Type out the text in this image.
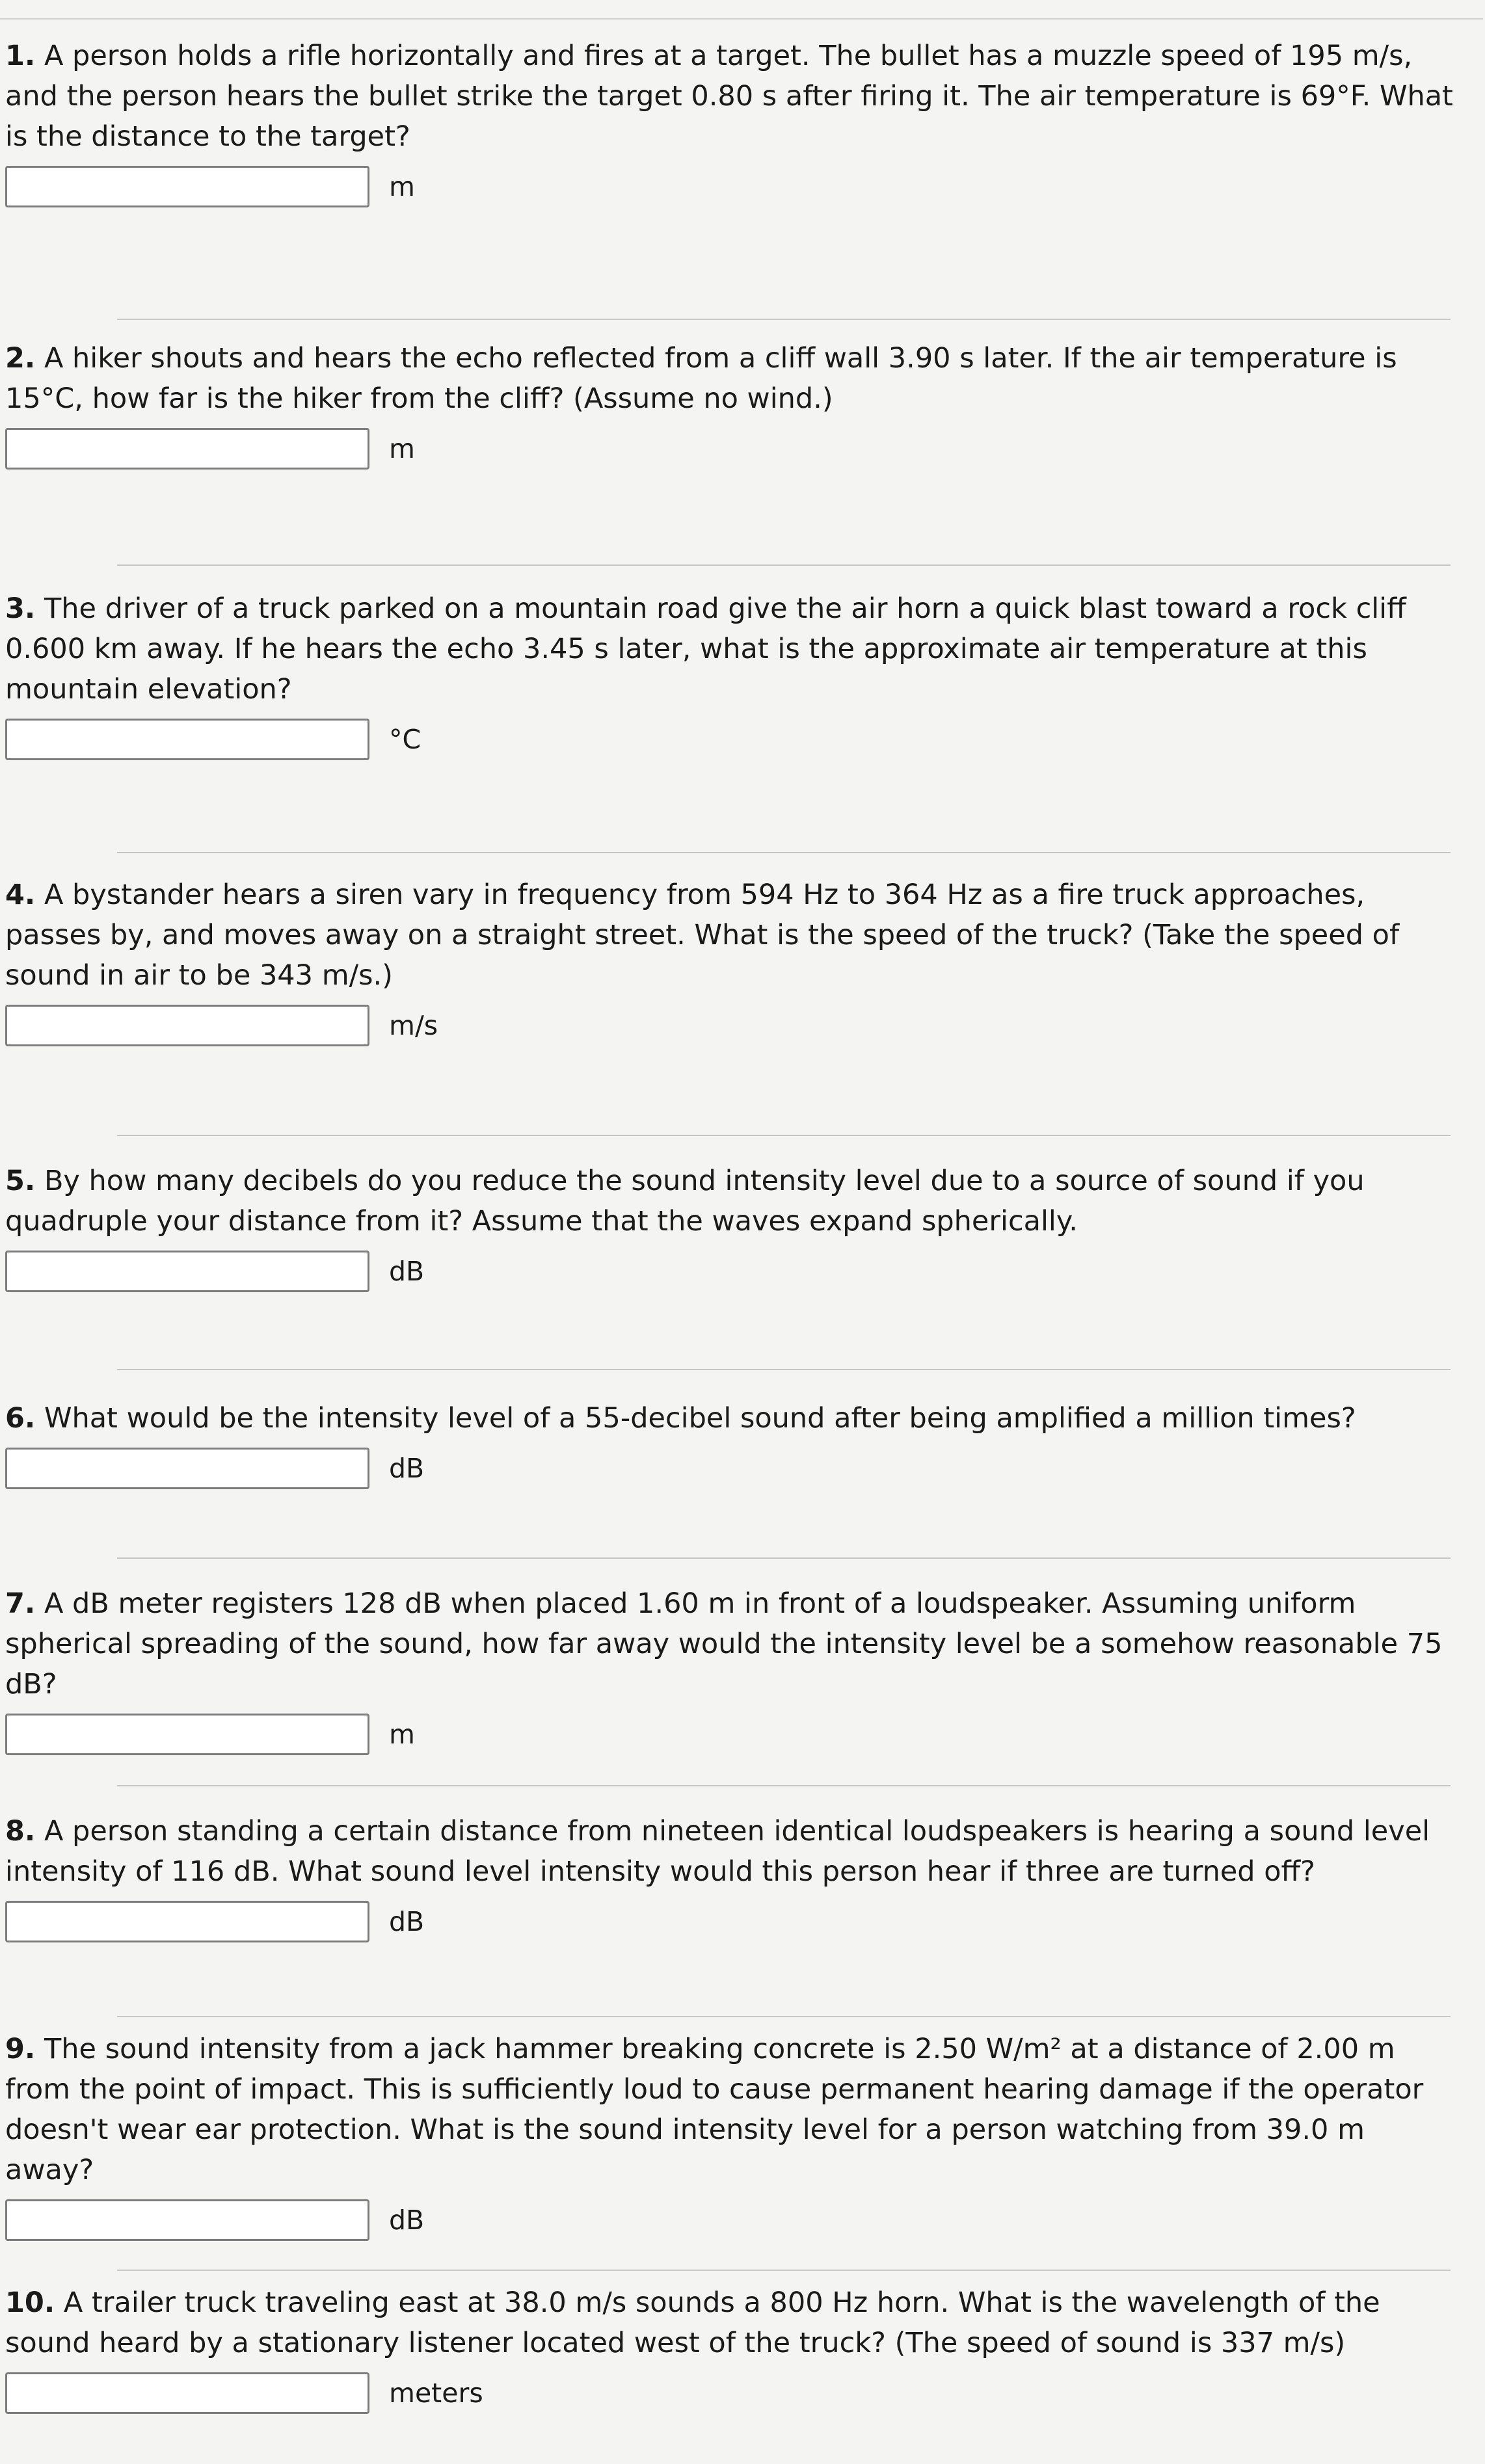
1. A person holds a rifle horizontally and fires at a target. The bullet has a muzzle speed of 195 m/s, and the person hears the bullet strike the target 0.80 s after firing it. The air temperature is 69°F. What is the distance to the target?

m

2. A hiker shouts and hears the echo reflected from a cliff wall 3.90 s later. If the air temperature is 15°C, how far is the hiker from the cliff? (Assume no wind.)

m

3. The driver of a truck parked on a mountain road give the air horn a quick blast toward a rock cliff 0.600 km away. If he hears the echo 3.45 s later, what is the approximate air temperature at this mountain elevation?

°C

4. A bystander hears a siren vary in frequency from 594 Hz to 364 Hz as a fire truck approaches, passes by, and moves away on a straight street. What is the speed of the truck? (Take the speed of sound in air to be 343 m/s.)

m/s

5. By how many decibels do you reduce the sound intensity level due to a source of sound if you quadruple your distance from it? Assume that the waves expand spherically.

dB

6. What would be the intensity level of a 55-decibel sound after being amplified a million times?

dB

7. A dB meter registers 128 dB when placed 1.60 m in front of a loudspeaker. Assuming uniform spherical spreading of the sound, how far away would the intensity level be a somehow reasonable 75 dB?

m

8. A person standing a certain distance from nineteen identical loudspeakers is hearing a sound level intensity of 116 dB. What sound level intensity would this person hear if three are turned off?

dB

9. The sound intensity from a jack hammer breaking concrete is 2.50 W/m² at a distance of 2.00 m from the point of impact. This is sufficiently loud to cause permanent hearing damage if the operator doesn't wear ear protection. What is the sound intensity level for a person watching from 39.0 m away?

dB

10. A trailer truck traveling east at 38.0 m/s sounds a 800 Hz horn. What is the wavelength of the sound heard by a stationary listener located west of the truck? (The speed of sound is 337 m/s)

meters
